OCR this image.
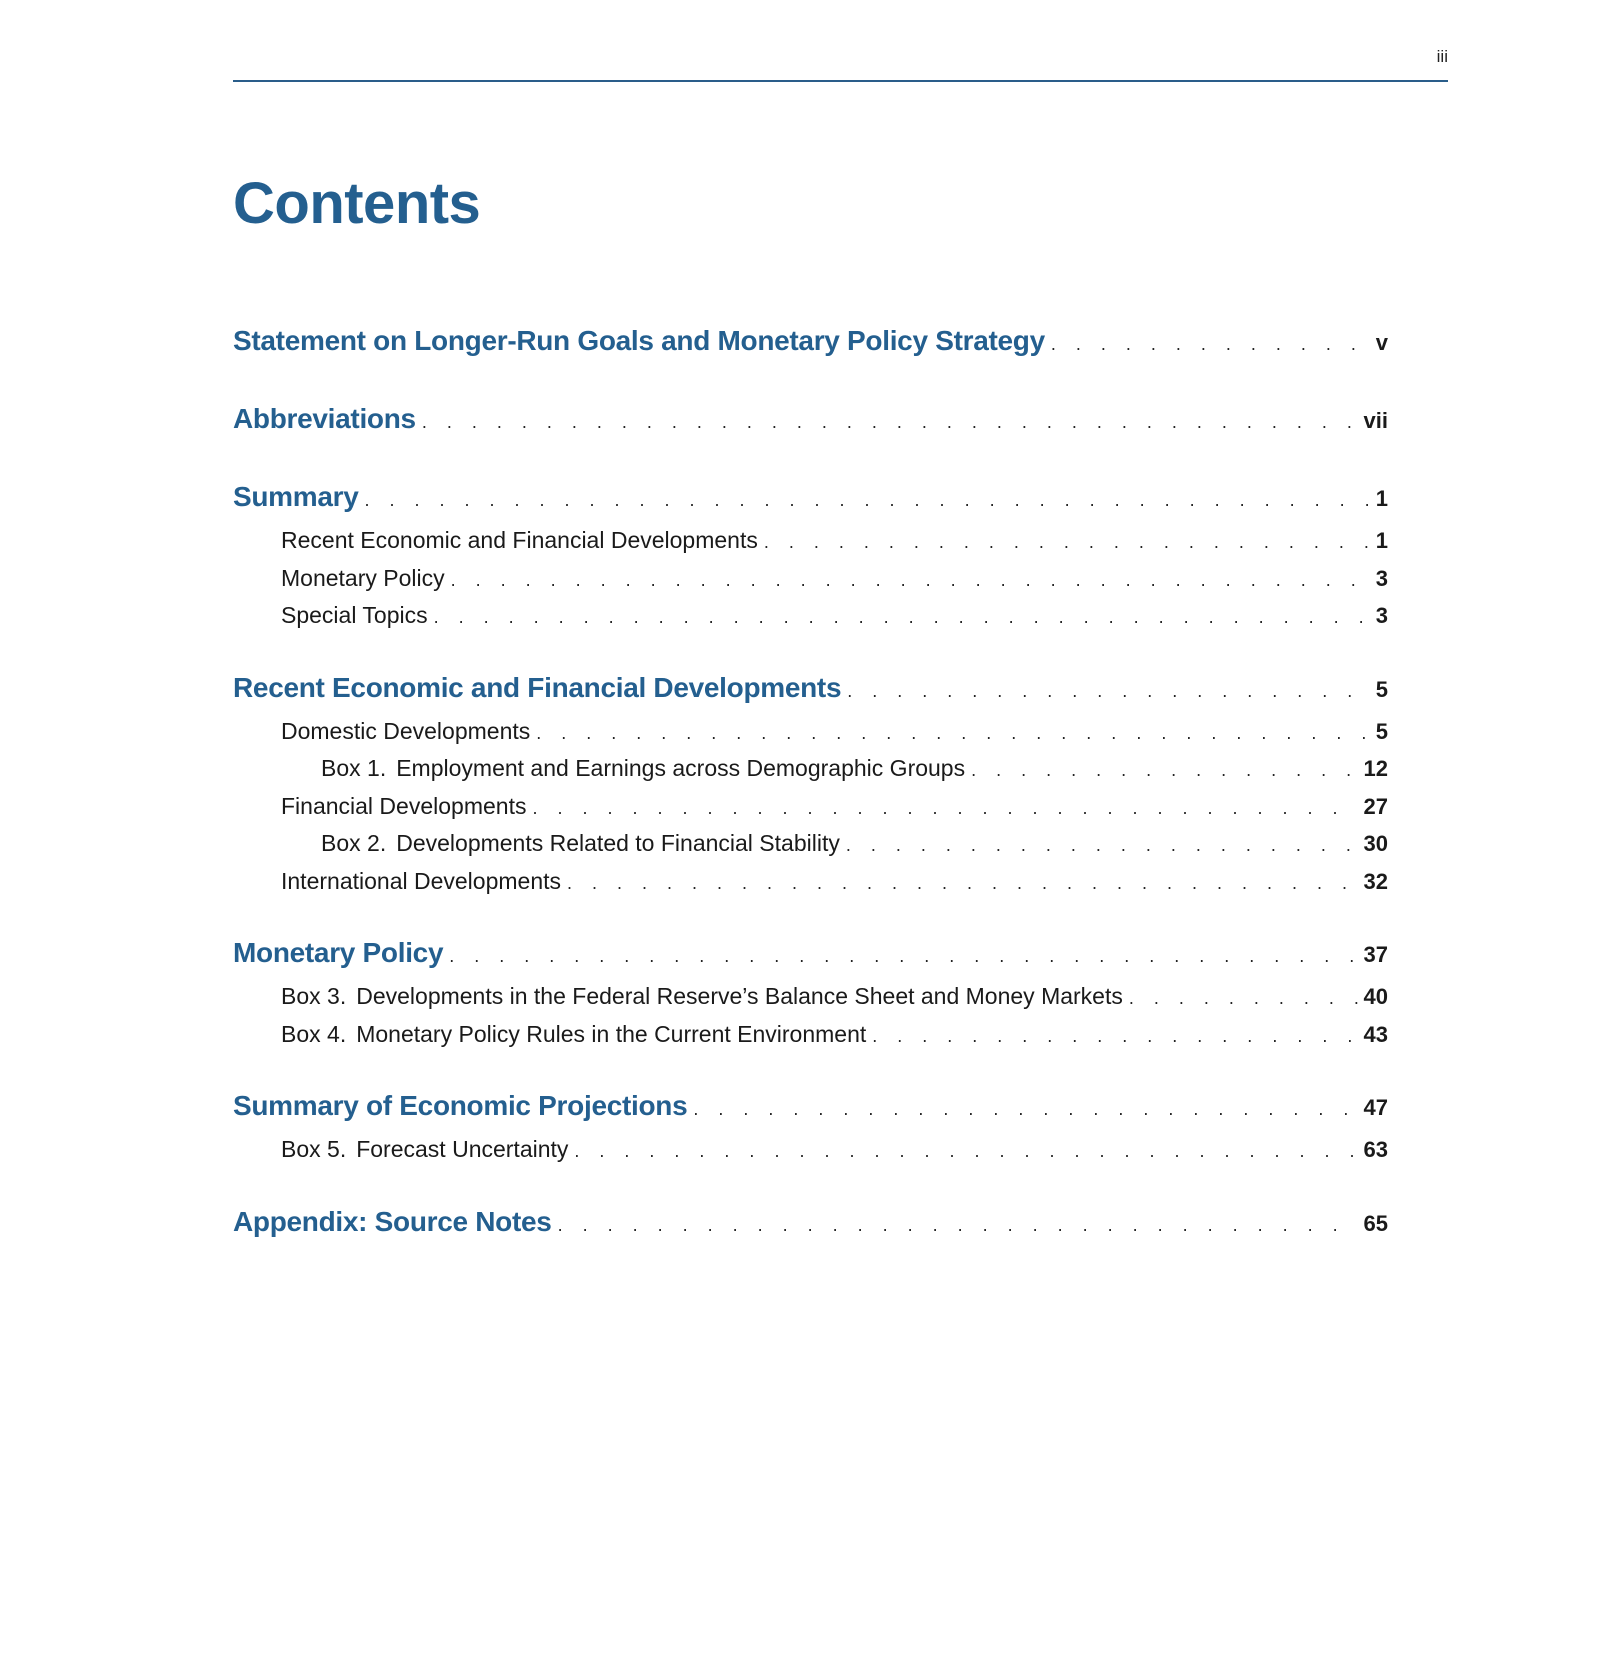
iii
Contents
Statement on Longer-Run Goals and Monetary Policy Strategy . . .	v
Abbreviations . . .	vii
Summary . . .	1
Recent Economic and Financial Developments . . .	1
Monetary Policy . . .	3
Special Topics . . .	3
Recent Economic and Financial Developments . . .	5
Domestic Developments . . .	5
Box 1. Employment and Earnings across Demographic Groups . . .	12
Financial Developments . . .	27
Box 2. Developments Related to Financial Stability . . .	30
International Developments . . .	32
Monetary Policy . . .	37
Box 3. Developments in the Federal Reserve’s Balance Sheet and Money Markets . . .	40
Box 4. Monetary Policy Rules in the Current Environment . . .	43
Summary of Economic Projections . . .	47
Box 5. Forecast Uncertainty . . .	63
Appendix: Source Notes . . .	65
